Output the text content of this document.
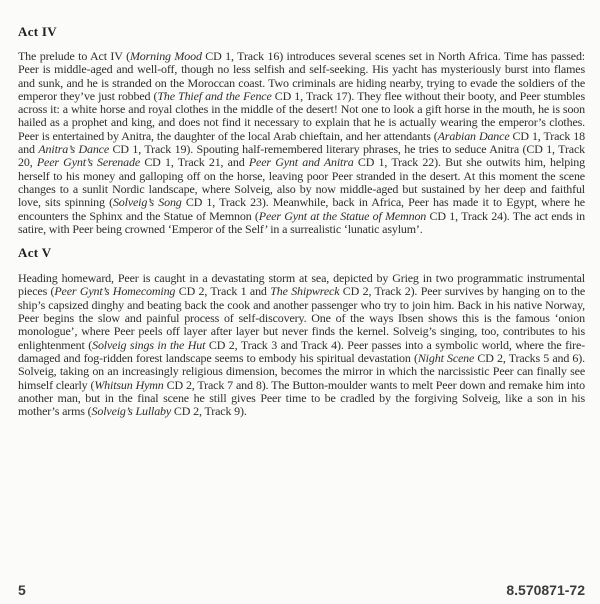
Act IV

The prelude to Act IV (Morning Mood CD 1, Track 16) introduces several scenes set in North Africa. Time has passed: Peer is middle-aged and well-off, though no less selfish and self-seeking. His yacht has mysteriously burst into flames and sunk, and he is stranded on the Moroccan coast. Two criminals are hiding nearby, trying to evade the soldiers of the emperor they’ve just robbed (The Thief and the Fence CD 1, Track 17). They flee without their booty, and Peer stumbles across it: a white horse and royal clothes in the middle of the desert! Not one to look a gift horse in the mouth, he is soon hailed as a prophet and king, and does not find it necessary to explain that he is actually wearing the emperor’s clothes. Peer is entertained by Anitra, the daughter of the local Arab chieftain, and her attendants (Arabian Dance CD 1, Track 18 and Anitra’s Dance CD 1, Track 19). Spouting half-remembered literary phrases, he tries to seduce Anitra (CD 1, Track 20, Peer Gynt’s Serenade CD 1, Track 21, and Peer Gynt and Anitra CD 1, Track 22). But she outwits him, helping herself to his money and galloping off on the horse, leaving poor Peer stranded in the desert. At this moment the scene changes to a sunlit Nordic landscape, where Solveig, also by now middle-aged but sustained by her deep and faithful love, sits spinning (Solveig’s Song CD 1, Track 23). Meanwhile, back in Africa, Peer has made it to Egypt, where he encounters the Sphinx and the Statue of Memnon (Peer Gynt at the Statue of Memnon CD 1, Track 24). The act ends in satire, with Peer being crowned ‘Emperor of the Self’ in a surrealistic ‘lunatic asylum’.

Act V

Heading homeward, Peer is caught in a devastating storm at sea, depicted by Grieg in two programmatic instrumental pieces (Peer Gynt’s Homecoming CD 2, Track 1 and The Shipwreck CD 2, Track 2). Peer survives by hanging on to the ship’s capsized dinghy and beating back the cook and another passenger who try to join him. Back in his native Norway, Peer begins the slow and painful process of self-discovery. One of the ways Ibsen shows this is the famous ‘onion monologue’, where Peer peels off layer after layer but never finds the kernel. Solveig’s singing, too, contributes to his enlightenment (Solveig sings in the Hut CD 2, Track 3 and Track 4). Peer passes into a symbolic world, where the fire-damaged and fog-ridden forest landscape seems to embody his spiritual devastation (Night Scene CD 2, Tracks 5 and 6). Solveig, taking on an increasingly religious dimension, becomes the mirror in which the narcissistic Peer can finally see himself clearly (Whitsun Hymn CD 2, Track 7 and 8). The Button-moulder wants to melt Peer down and remake him into another man, but in the final scene he still gives Peer time to be cradled by the forgiving Solveig, like a son in his mother’s arms (Solveig’s Lullaby CD 2, Track 9).

5	8.570871-72
